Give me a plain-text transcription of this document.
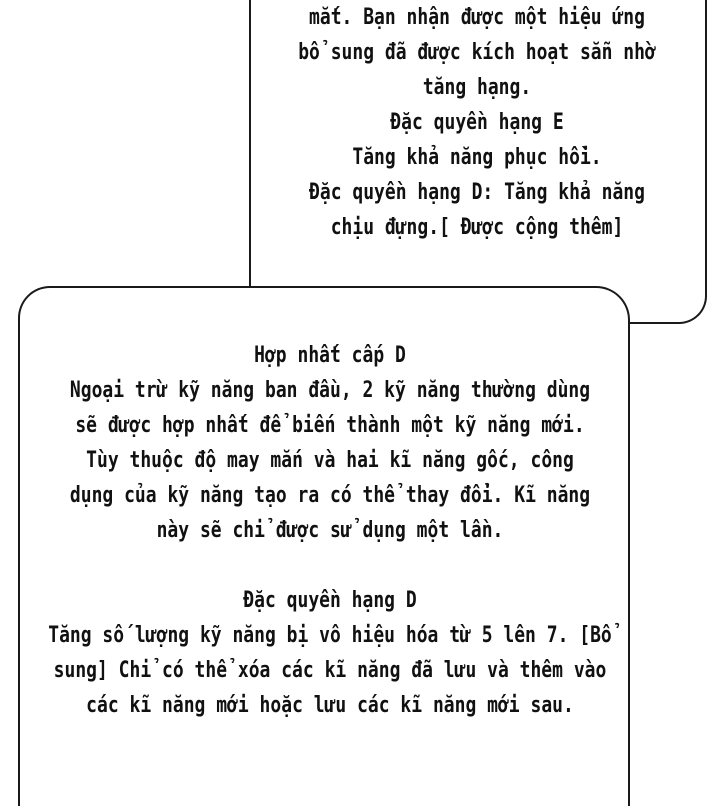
mắt. Bạn nhận được một hiệu ứng
bổ sung đã được kích hoạt sẵn nhờ
tăng hạng.
Đặc quyền hạng E
Tăng khả năng phục hồi.
Đặc quyền hạng D: Tăng khả năng
chịu đựng.[ Được cộng thêm]
Hợp nhất cấp D
Ngoại trừ kỹ năng ban đầu, 2 kỹ năng thường dùng
sẽ được hợp nhất để biến thành một kỹ năng mới.
Tùy thuộc độ may mắn và hai kĩ năng gốc, công
dụng của kỹ năng tạo ra có thể thay đổi. Kĩ năng
này sẽ chỉ được sử dụng một lần.
Đặc quyền hạng D
Tăng số lượng kỹ năng bị vô hiệu hóa từ 5 lên 7. [Bổ
sung] Chỉ có thể xóa các kĩ năng đã lưu và thêm vào
các kĩ năng mới hoặc lưu các kĩ năng mới sau.
